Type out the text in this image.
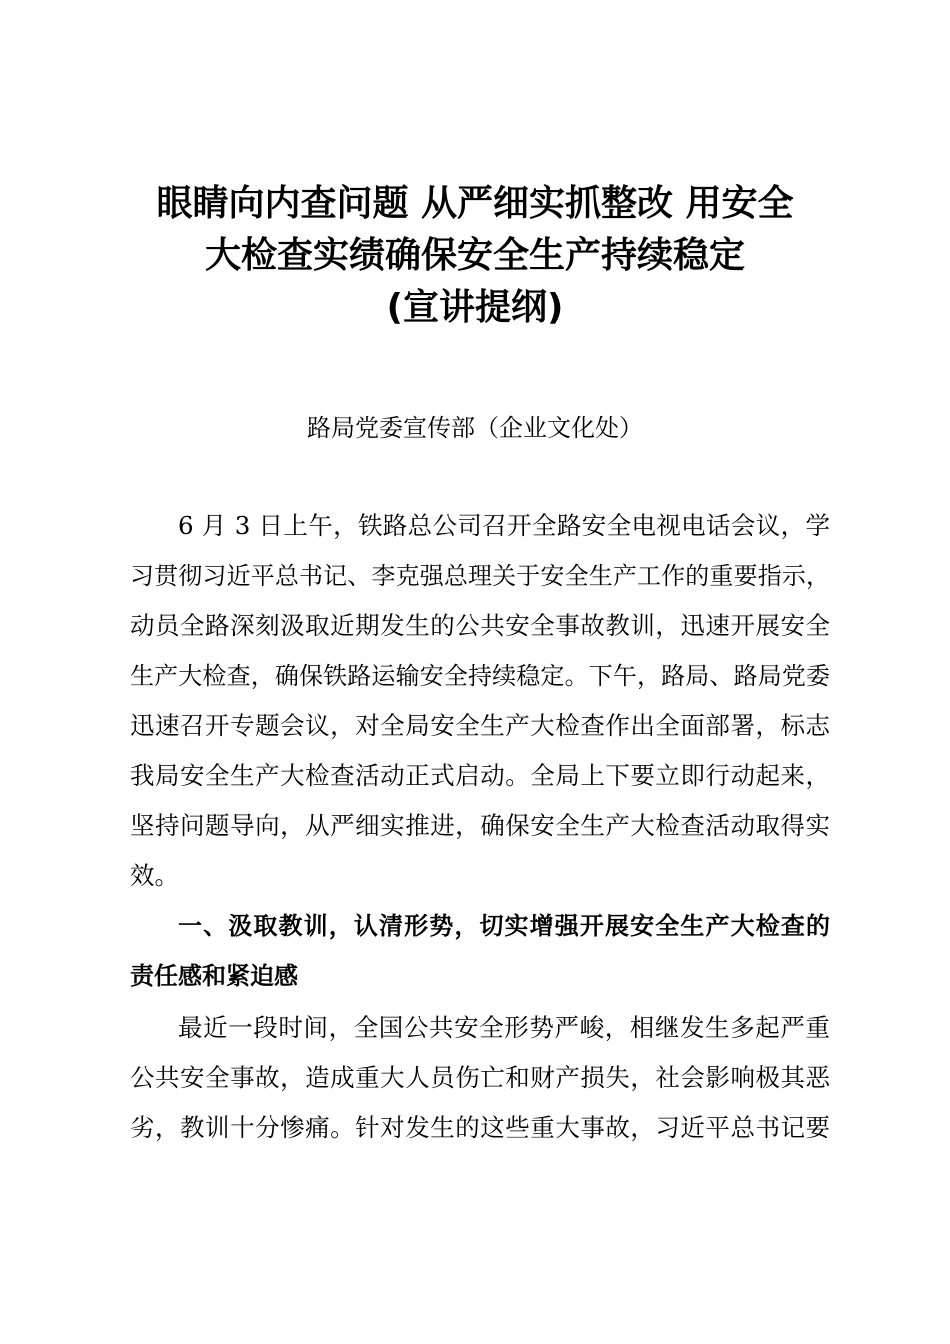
眼睛向内查问题 从严细实抓整改 用安全
大检查实绩确保安全生产持续稳定
(宣讲提纲)
路局党委宣传部（企业文化处）
6 月 3 日上午，铁路总公司召开全路安全电视电话会议，学
习贯彻习近平总书记、李克强总理关于安全生产工作的重要指示，
动员全路深刻汲取近期发生的公共安全事故教训，迅速开展安全
生产大检查，确保铁路运输安全持续稳定。下午，路局、路局党委
迅速召开专题会议，对全局安全生产大检查作出全面部署，标志
我局安全生产大检查活动正式启动。全局上下要立即行动起来，
坚持问题导向，从严细实推进，确保安全生产大检查活动取得实
效。
一、汲取教训，认清形势，切实增强开展安全生产大检查的
责任感和紧迫感
最近一段时间，全国公共安全形势严峻，相继发生多起严重
公共安全事故，造成重大人员伤亡和财产损失，社会影响极其恶
劣，教训十分惨痛。针对发生的这些重大事故，习近平总书记要
